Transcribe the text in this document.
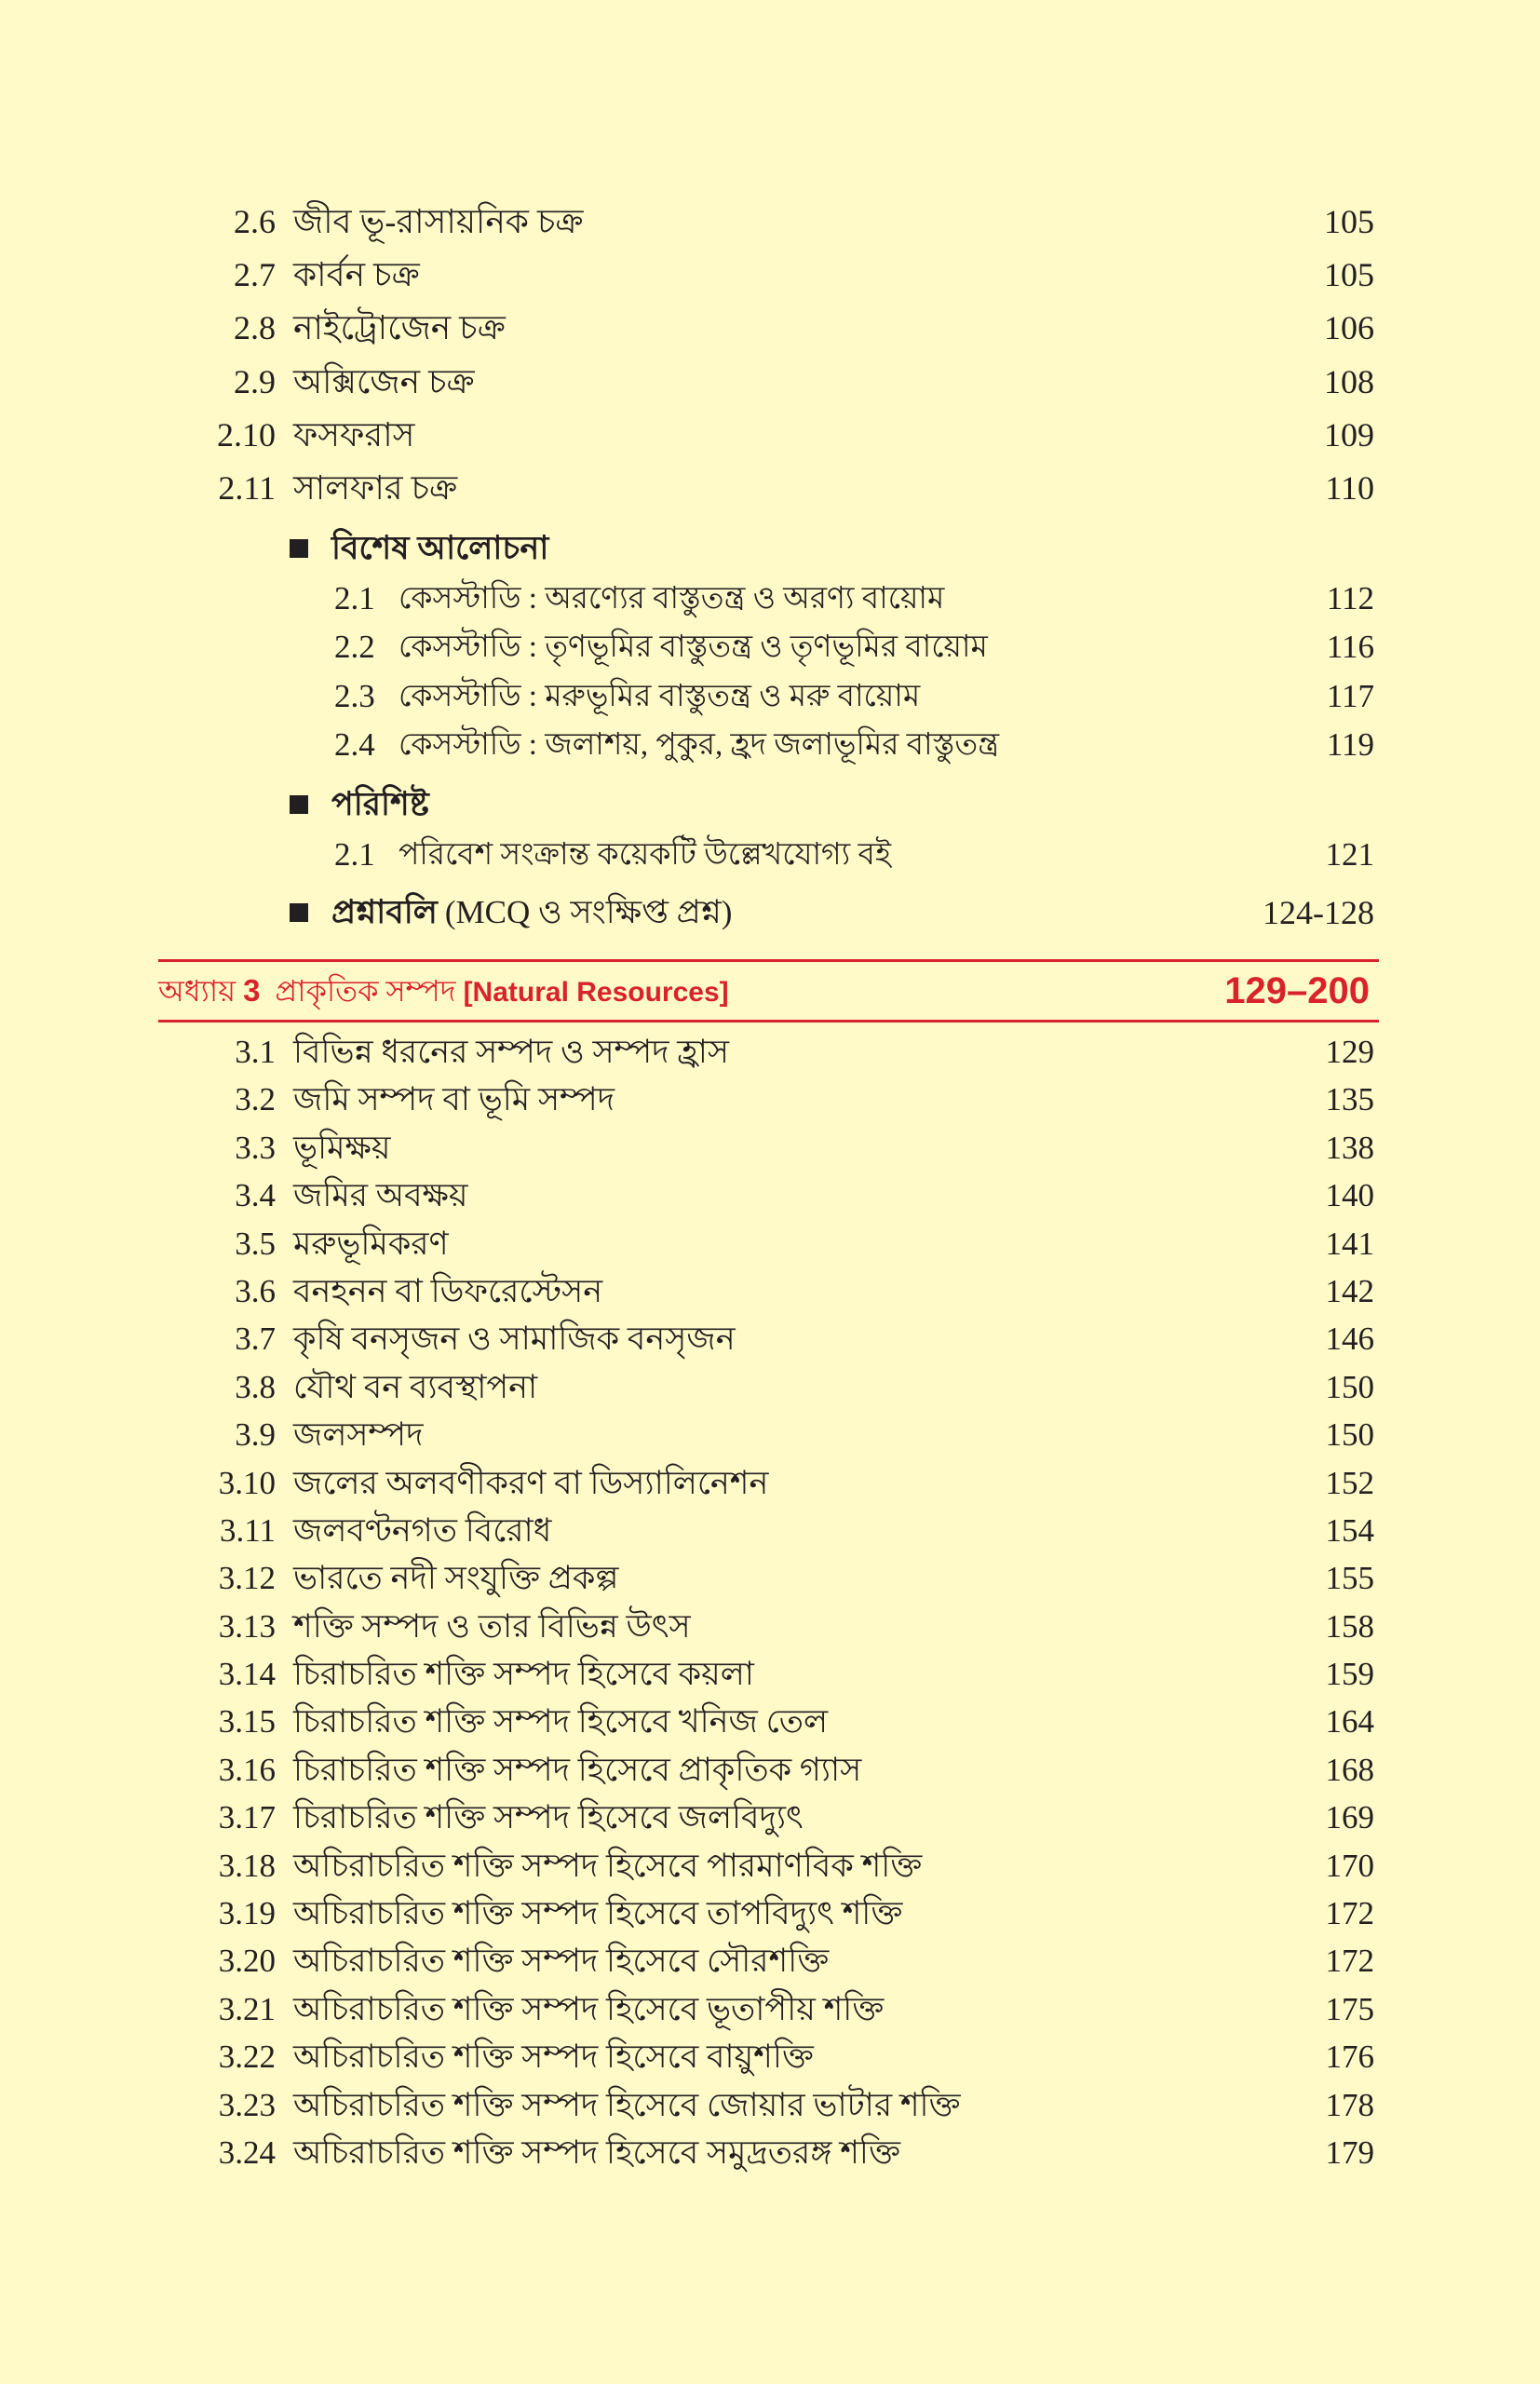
2.6 জীব ভূ-রাসায়নিক চক্র	105
2.7 কার্বন চক্র	105
2.8 নাইট্রোজেন চক্র	106
2.9 অক্সিজেন চক্র	108
2.10 ফসফরাস	109
2.11 সালফার চক্র	110
বিশেষ আলোচনা
2.1 কেসস্টাডি : অরণ্যের বাস্তুতন্ত্র ও অরণ্য বায়োম	112
2.2 কেসস্টাডি : তৃণভূমির বাস্তুতন্ত্র ও তৃণভূমির বায়োম	116
2.3 কেসস্টাডি : মরুভূমির বাস্তুতন্ত্র ও মরু বায়োম	117
2.4 কেসস্টাডি : জলাশয়, পুকুর, হ্রদ জলাভূমির বাস্তুতন্ত্র	119
পরিশিষ্ট
2.1 পরিবেশ সংক্রান্ত কয়েকটি উল্লেখযোগ্য বই	121
প্রশ্নাবলি (MCQ ও সংক্ষিপ্ত প্রশ্ন)	124-128
অধ্যায় 3 প্রাকৃতিক সম্পদ [Natural Resources]	129–200
3.1 বিভিন্ন ধরনের সম্পদ ও সম্পদ হ্রাস	129
3.2 জমি সম্পদ বা ভূমি সম্পদ	135
3.3 ভূমিক্ষয়	138
3.4 জমির অবক্ষয়	140
3.5 মরুভূমিকরণ	141
3.6 বনহনন বা ডিফরেস্টেসন	142
3.7 কৃষি বনসৃজন ও সামাজিক বনসৃজন	146
3.8 যৌথ বন ব্যবস্থাপনা	150
3.9 জলসম্পদ	150
3.10 জলের অলবণীকরণ বা ডিস্যালিনেশন	152
3.11 জলবণ্টনগত বিরোধ	154
3.12 ভারতে নদী সংযুক্তি প্রকল্প	155
3.13 শক্তি সম্পদ ও তার বিভিন্ন উৎস	158
3.14 চিরাচরিত শক্তি সম্পদ হিসেবে কয়লা	159
3.15 চিরাচরিত শক্তি সম্পদ হিসেবে খনিজ তেল	164
3.16 চিরাচরিত শক্তি সম্পদ হিসেবে প্রাকৃতিক গ্যাস	168
3.17 চিরাচরিত শক্তি সম্পদ হিসেবে জলবিদ্যুৎ	169
3.18 অচিরাচরিত শক্তি সম্পদ হিসেবে পারমাণবিক শক্তি	170
3.19 অচিরাচরিত শক্তি সম্পদ হিসেবে তাপবিদ্যুৎ শক্তি	172
3.20 অচিরাচরিত শক্তি সম্পদ হিসেবে সৌরশক্তি	172
3.21 অচিরাচরিত শক্তি সম্পদ হিসেবে ভূতাপীয় শক্তি	175
3.22 অচিরাচরিত শক্তি সম্পদ হিসেবে বায়ুশক্তি	176
3.23 অচিরাচরিত শক্তি সম্পদ হিসেবে জোয়ার ভাটার শক্তি	178
3.24 অচিরাচরিত শক্তি সম্পদ হিসেবে সমুদ্রতরঙ্গ শক্তি	179
